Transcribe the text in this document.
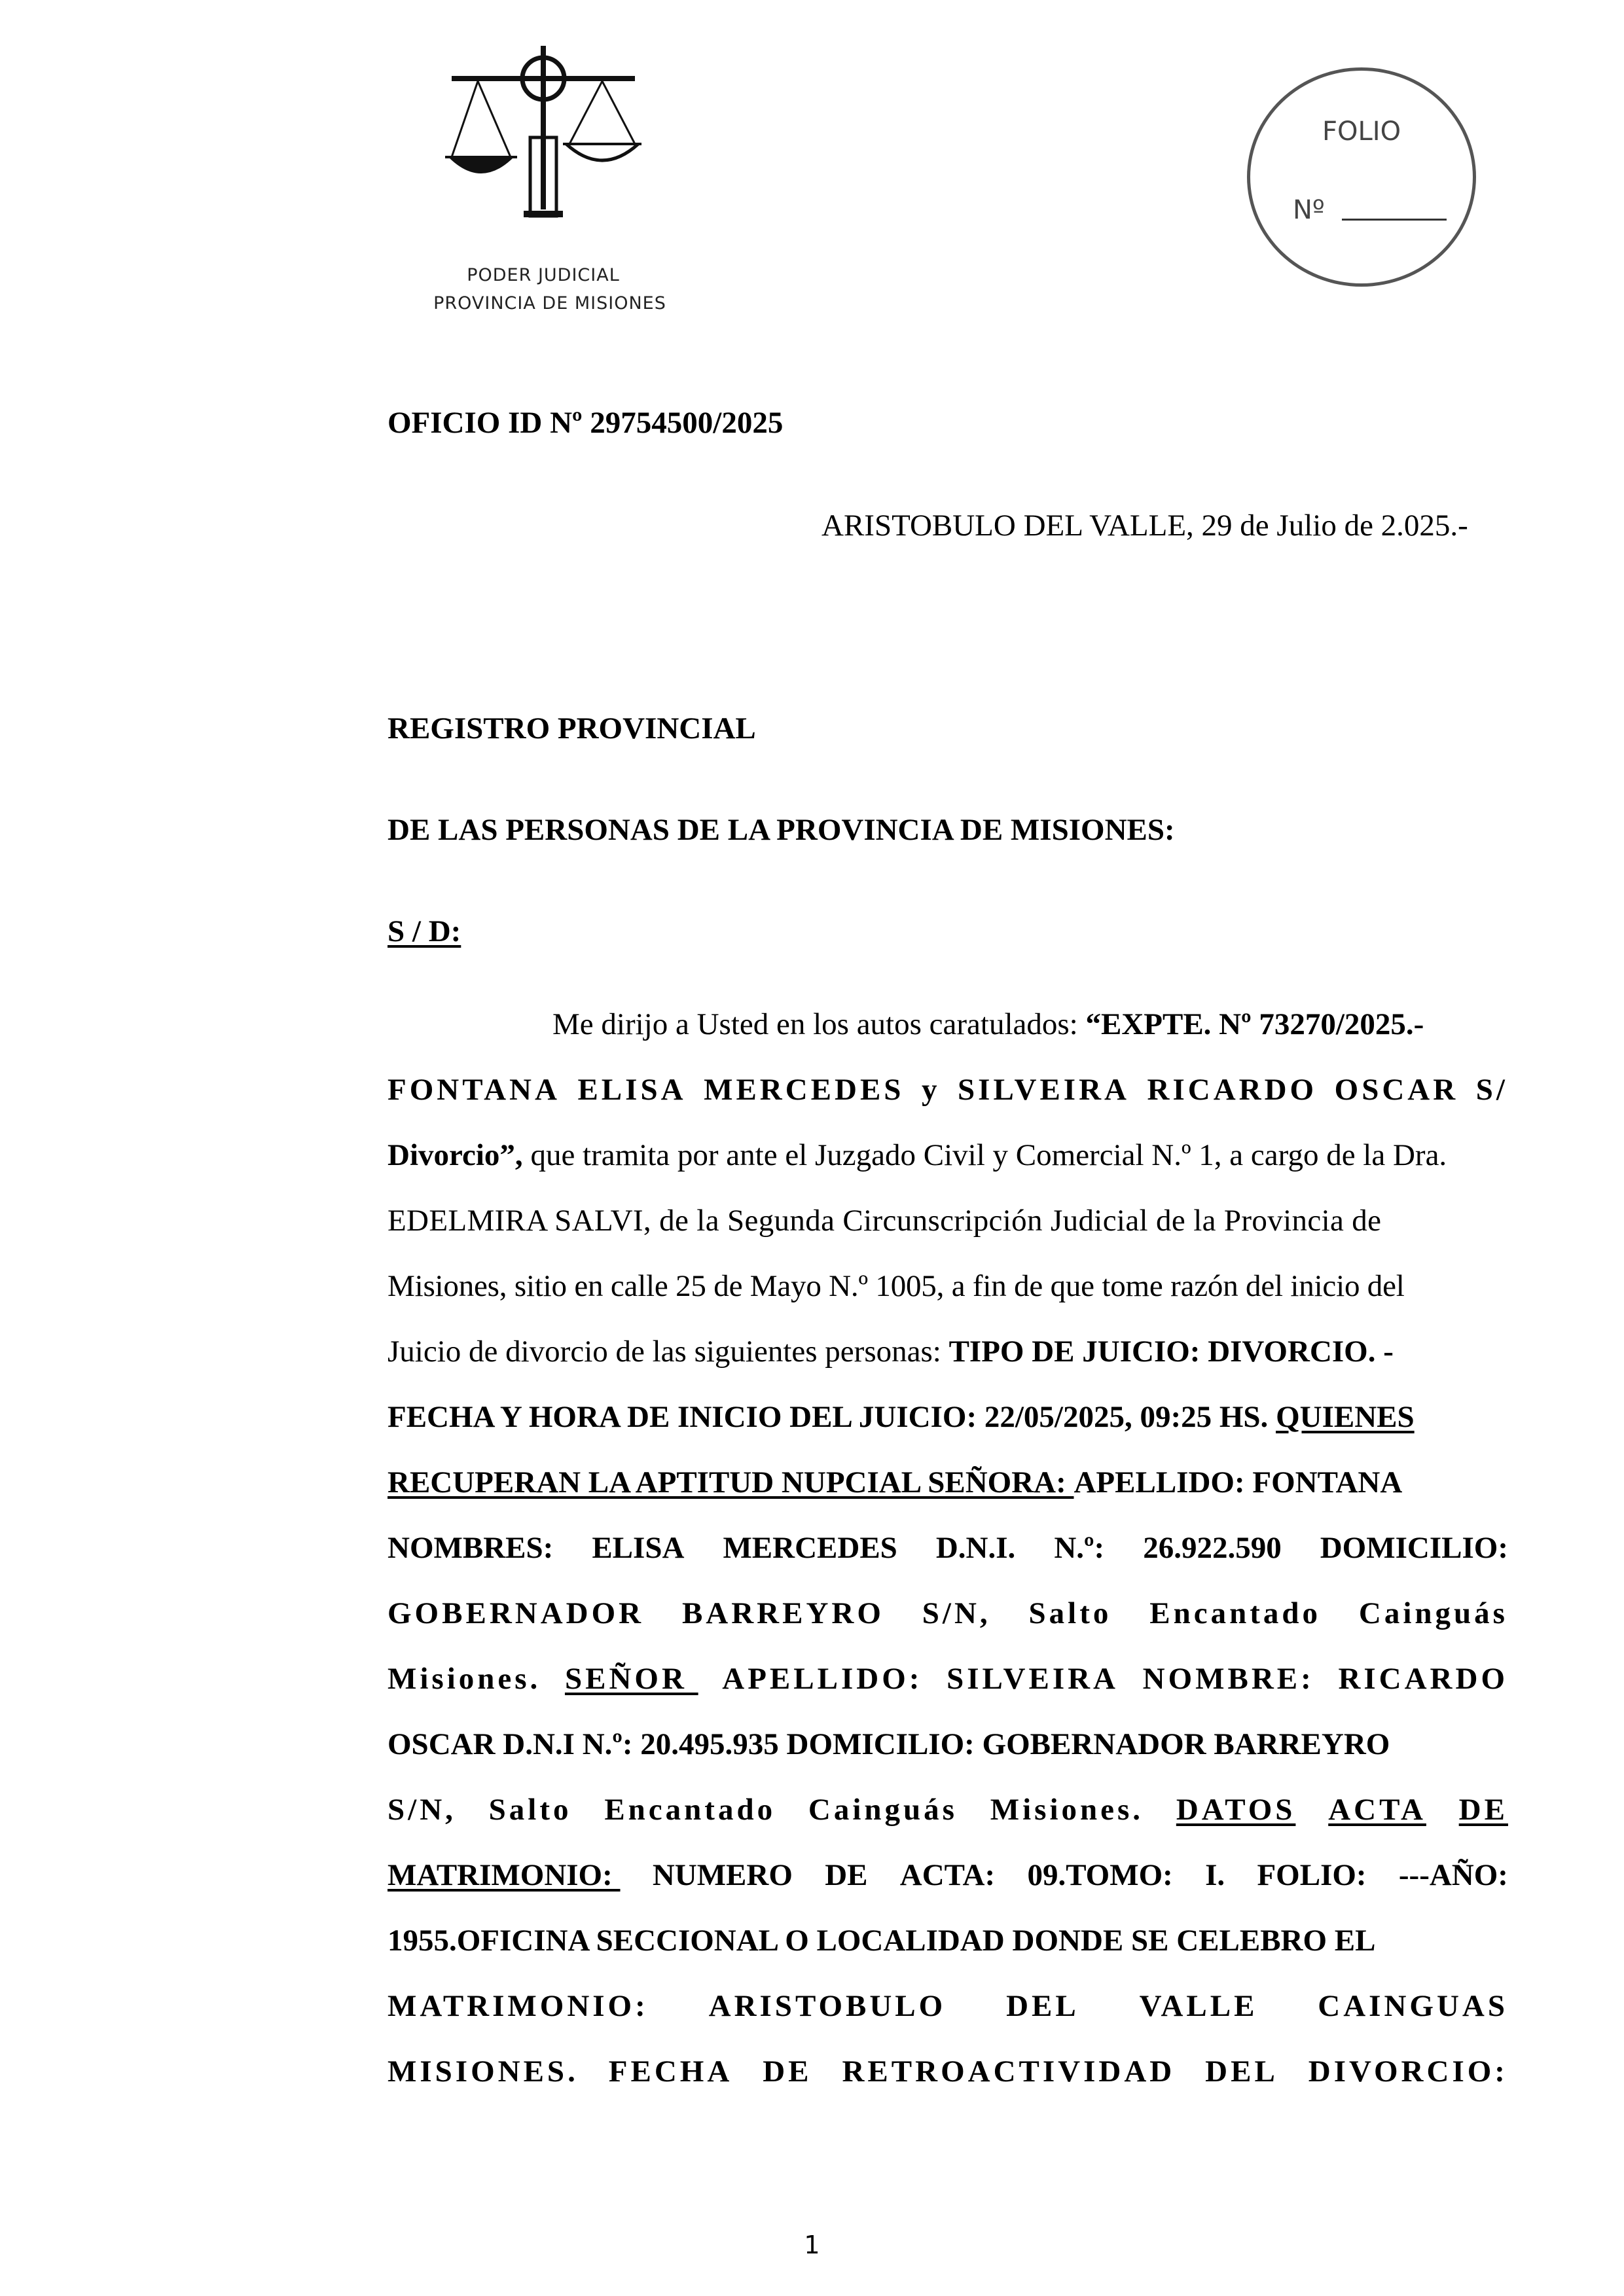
PODER JUDICIAL
PROVINCIA DE MISIONES
FOLIO
Nº
OFICIO ID Nº 29754500/2025
ARISTOBULO DEL VALLE, 29 de Julio de 2.025.-
REGISTRO PROVINCIAL
DE LAS PERSONAS DE LA PROVINCIA DE MISIONES:
S / D:
Me dirijo a Usted en los autos caratulados: “EXPTE. Nº 73270/2025.-
FONTANA ELISA MERCEDES y SILVEIRA RICARDO OSCAR S/
Divorcio”, que tramita por ante el Juzgado Civil y Comercial N.º 1, a cargo de la Dra.
EDELMIRA SALVI, de la Segunda Circunscripción Judicial de la Provincia de
Misiones, sitio en calle 25 de Mayo N.º 1005, a fin de que tome razón del inicio del
Juicio de divorcio de las siguientes personas: TIPO DE JUICIO: DIVORCIO. -
FECHA Y HORA DE INICIO DEL JUICIO: 22/05/2025, 09:25 HS. QUIENES
RECUPERAN LA APTITUD NUPCIAL SEÑORA: APELLIDO: FONTANA
NOMBRES: ELISA MERCEDES D.N.I. N.º: 26.922.590 DOMICILIO:
GOBERNADOR BARREYRO S/N, Salto Encantado Cainguás
Misiones. SEÑOR APELLIDO: SILVEIRA NOMBRE: RICARDO
OSCAR D.N.I N.º: 20.495.935 DOMICILIO: GOBERNADOR BARREYRO
S/N, Salto Encantado Cainguás Misiones. DATOS ACTA DE
MATRIMONIO: NUMERO DE ACTA: 09.TOMO: I. FOLIO: ---AÑO:
1955.OFICINA SECCIONAL O LOCALIDAD DONDE SE CELEBRO EL
MATRIMONIO: ARISTOBULO DEL VALLE CAINGUAS
MISIONES. FECHA DE RETROACTIVIDAD DEL DIVORCIO:
1
